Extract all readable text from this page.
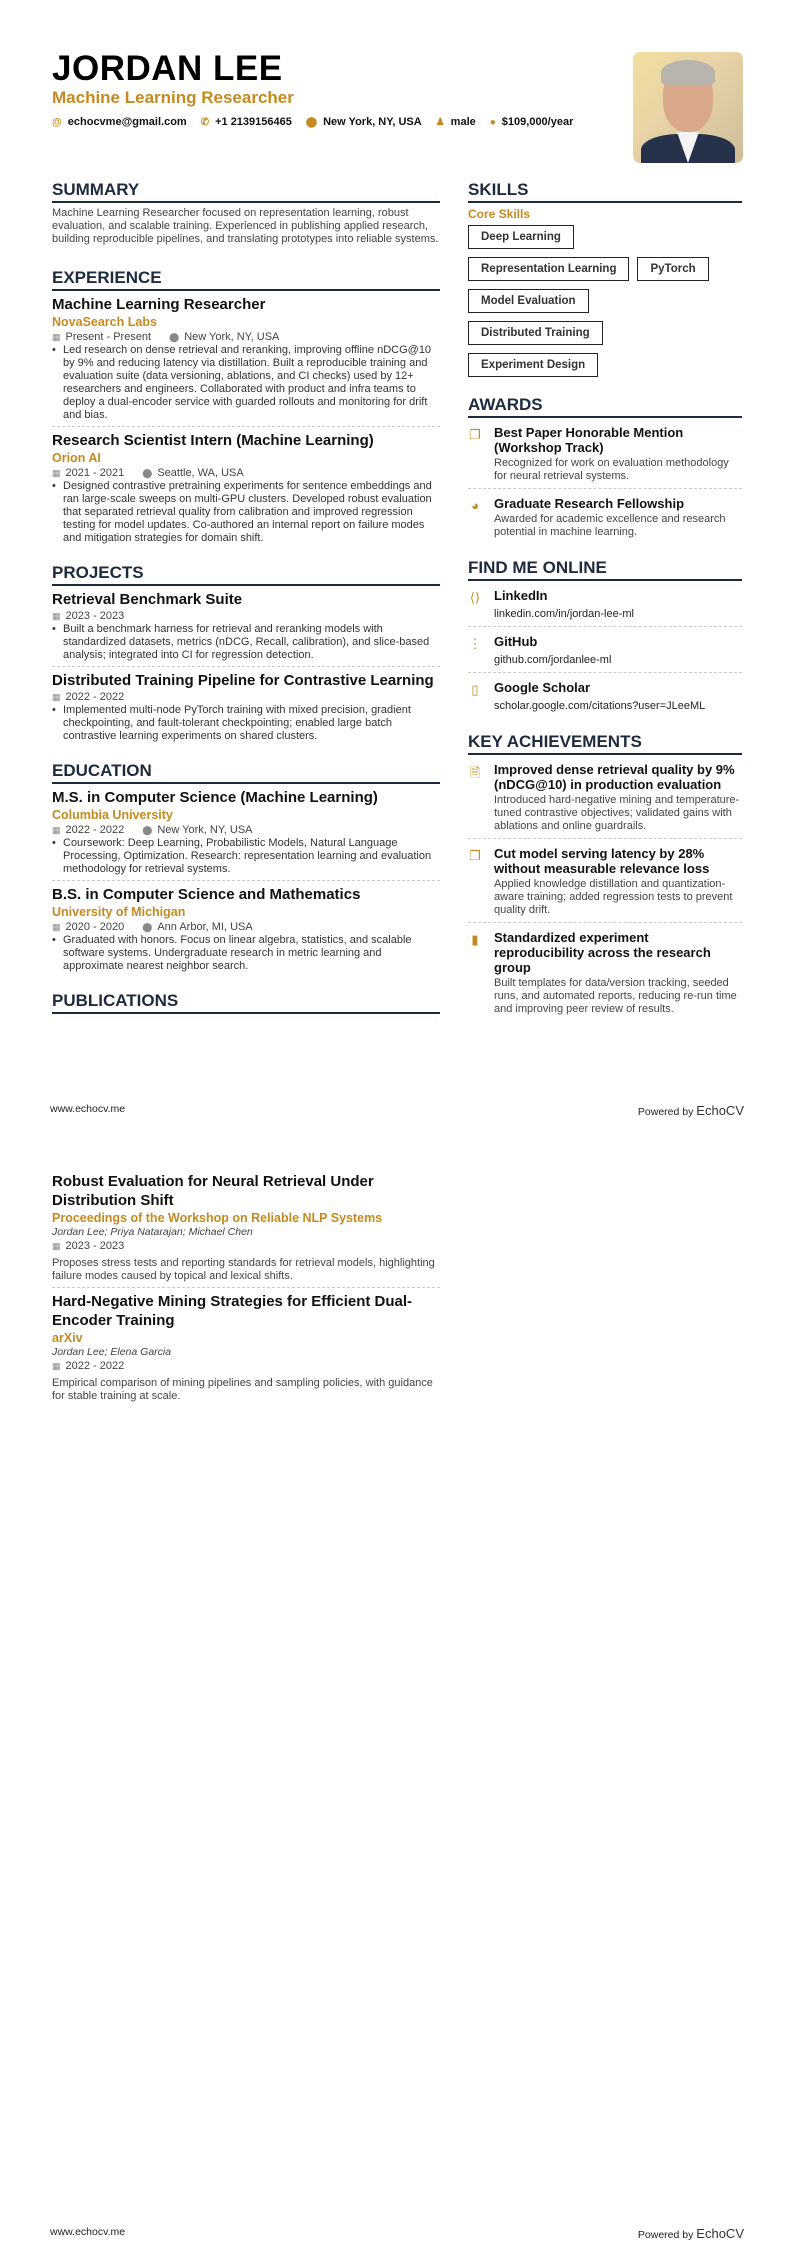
JORDAN LEE
Machine Learning Researcher
@ echocvme@gmail.com ✆ +1 2139156465 ⬤ New York, NY, USA ♟ male ● $109,000/year
SUMMARY
Machine Learning Researcher focused on representation learning, robust evaluation, and scalable training. Experienced in publishing applied research, building reproducible pipelines, and translating prototypes into reliable systems.
EXPERIENCE
Machine Learning Researcher
NovaSearch Labs
▦ Present - Present ⬤ New York, NY, USA
• Led research on dense retrieval and reranking, improving offline nDCG@10 by 9% and reducing latency via distillation. Built a reproducible training and evaluation suite (data versioning, ablations, and CI checks) used by 12+ researchers and engineers. Collaborated with product and infra teams to deploy a dual-encoder service with guarded rollouts and monitoring for drift and bias.
Research Scientist Intern (Machine Learning)
Orion AI
▦ 2021 - 2021 ⬤ Seattle, WA, USA
• Designed contrastive pretraining experiments for sentence embeddings and ran large-scale sweeps on multi-GPU clusters. Developed robust evaluation that separated retrieval quality from calibration and improved regression testing for model updates. Co-authored an internal report on failure modes and mitigation strategies for domain shift.
PROJECTS
Retrieval Benchmark Suite
▦ 2023 - 2023
• Built a benchmark harness for retrieval and reranking models with standardized datasets, metrics (nDCG, Recall, calibration), and slice-based analysis; integrated into CI for regression detection.
Distributed Training Pipeline for Contrastive Learning
▦ 2022 - 2022
• Implemented multi-node PyTorch training with mixed precision, gradient checkpointing, and fault-tolerant checkpointing; enabled large batch contrastive learning experiments on shared clusters.
EDUCATION
M.S. in Computer Science (Machine Learning)
Columbia University
▦ 2022 - 2022 ⬤ New York, NY, USA
• Coursework: Deep Learning, Probabilistic Models, Natural Language Processing, Optimization. Research: representation learning and evaluation methodology for retrieval systems.
B.S. in Computer Science and Mathematics
University of Michigan
▦ 2020 - 2020 ⬤ Ann Arbor, MI, USA
• Graduated with honors. Focus on linear algebra, statistics, and scalable software systems. Undergraduate research in metric learning and approximate nearest neighbor search.
PUBLICATIONS
SKILLS
Core Skills
Deep Learning
Representation Learning	PyTorch
Model Evaluation
Distributed Training
Experiment Design
AWARDS
❐ Best Paper Honorable Mention (Workshop Track)
Recognized for work on evaluation methodology for neural retrieval systems.
◕ Graduate Research Fellowship
Awarded for academic excellence and research potential in machine learning.
FIND ME ONLINE
⟨⟩ LinkedIn
linkedin.com/in/jordan-lee-ml
⋮ GitHub
github.com/jordanlee-ml
▯ Google Scholar
scholar.google.com/citations?user=JLeeML
KEY ACHIEVEMENTS
🗎 Improved dense retrieval quality by 9% (nDCG@10) in production evaluation
Introduced hard-negative mining and temperature-tuned contrastive objectives; validated gains with ablations and online guardrails.
❐ Cut model serving latency by 28% without measurable relevance loss
Applied knowledge distillation and quantization-aware training; added regression tests to prevent quality drift.
▮ Standardized experiment reproducibility across the research group
Built templates for data/version tracking, seeded runs, and automated reports, reducing re-run time and improving peer review of results.
www.echocv.me	Powered by EchoCV
Robust Evaluation for Neural Retrieval Under Distribution Shift
Proceedings of the Workshop on Reliable NLP Systems
Jordan Lee; Priya Natarajan; Michael Chen
▦ 2023 - 2023
Proposes stress tests and reporting standards for retrieval models, highlighting failure modes caused by topical and lexical shifts.
Hard-Negative Mining Strategies for Efficient Dual-Encoder Training
arXiv
Jordan Lee; Elena Garcia
▦ 2022 - 2022
Empirical comparison of mining pipelines and sampling policies, with guidance for stable training at scale.
www.echocv.me	Powered by EchoCV
